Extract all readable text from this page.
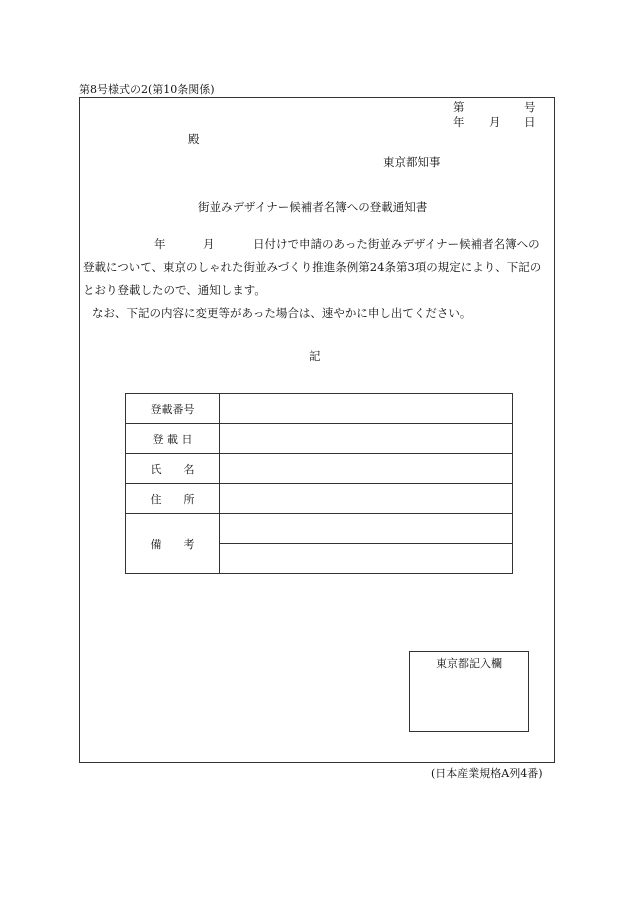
第8号様式の2(第10条関係)
第	号
年 月 日
殿
東京都知事
街並みデザイナー候補者名簿への登載通知書
年	月	日付けで申請のあった街並みデザイナー候補者名簿への
登載について、東京のしゃれた街並みづくり推進条例第24条第3項の規定により、下記の
とおり登載したので、通知します。
なお、下記の内容に変更等があった場合は、速やかに申し出てください。
記
登載番号	
登 載 日	
氏　　名	
住　　所	
備　　考	

東京都記入欄
(日本産業規格A列4番)
